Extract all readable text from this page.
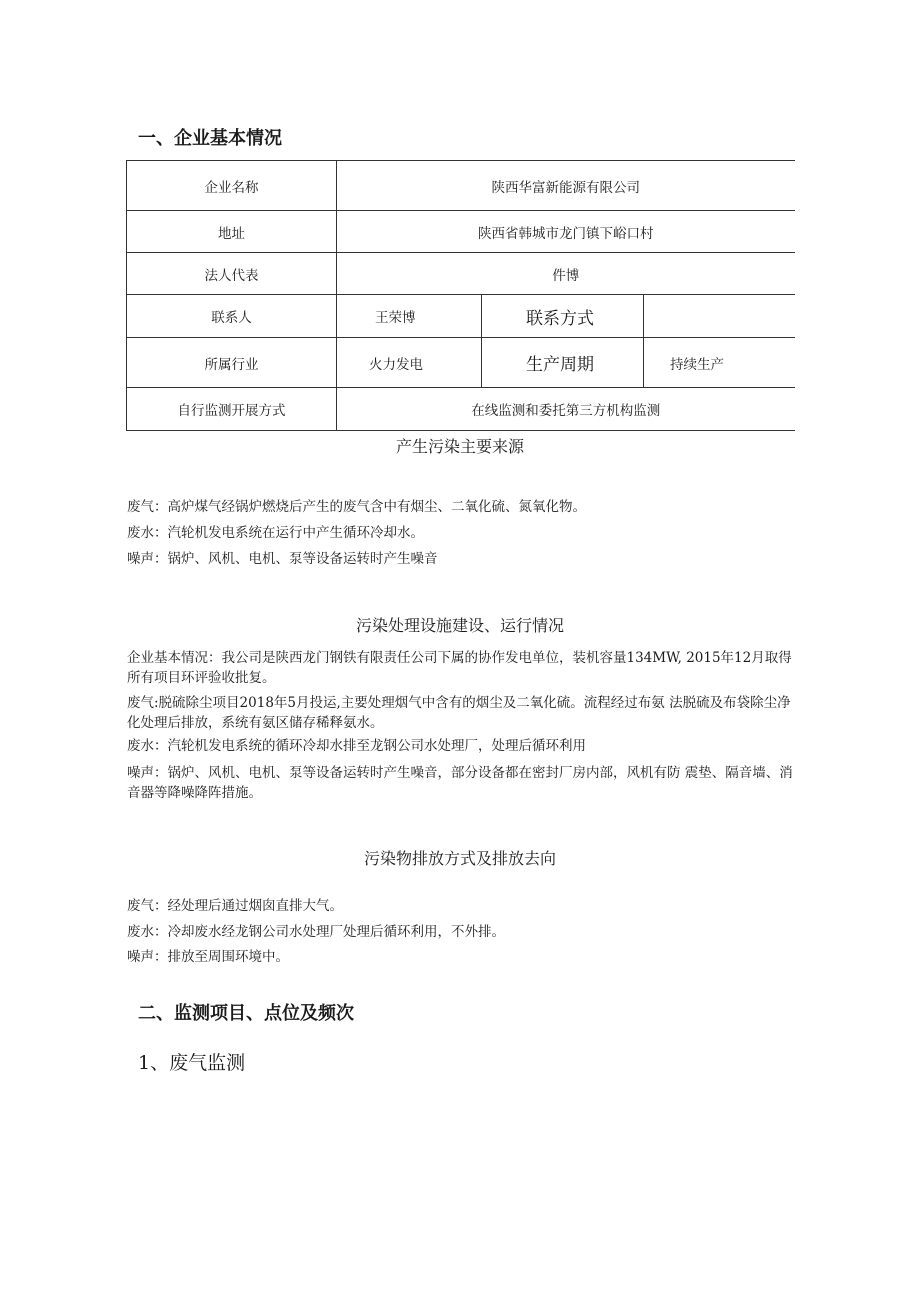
一、企业基本情况
企业名称	陕西华富新能源有限公司		
地址	陕西省韩城市龙门镇下峪口村		
法人代表	件博		
联系人	王荣博	联系方式	
所属行业	火力发电	生产周期	持续生产
自行监测开展方式	在线监测和委托第三方机构监测		
产生污染主要来源
废气：高炉煤气经锅炉燃烧后产生的废气含中有烟尘、二氧化硫、氮氧化物。
废水：汽轮机发电系统在运行中产生循环冷却水。
噪声：锅炉、风机、电机、泵等设备运转时产生噪音
污染处理设施建设、运行情况
企业基本情况：我公司是陕西龙门钢铁有限责任公司下属的协作发电单位，装机容量134MW, 2015年12月取得所有项目环评验收批复。
废气:脱硫除尘项目2018年5月投运,主要处理烟气中含有的烟尘及二氧化硫。流程经过布氨 法脱硫及布袋除尘净化处理后排放，系统有氨区储存稀释氨水。
废水：汽轮机发电系统的循环冷却水排至龙钢公司水处理厂，处理后循环利用
噪声：锅炉、风机、电机、泵等设备运转时产生噪音，部分设备都在密封厂房内部，风机有防 震垫、隔音墙、消音器等降噪降阵措施。
污染物排放方式及排放去向
废气：经处理后通过烟囱直排大气。
废水：冷却废水经龙钢公司水处理厂处理后循环利用，不外排。
噪声：排放至周围环境中。
二、监测项目、点位及频次
1、废气监测
